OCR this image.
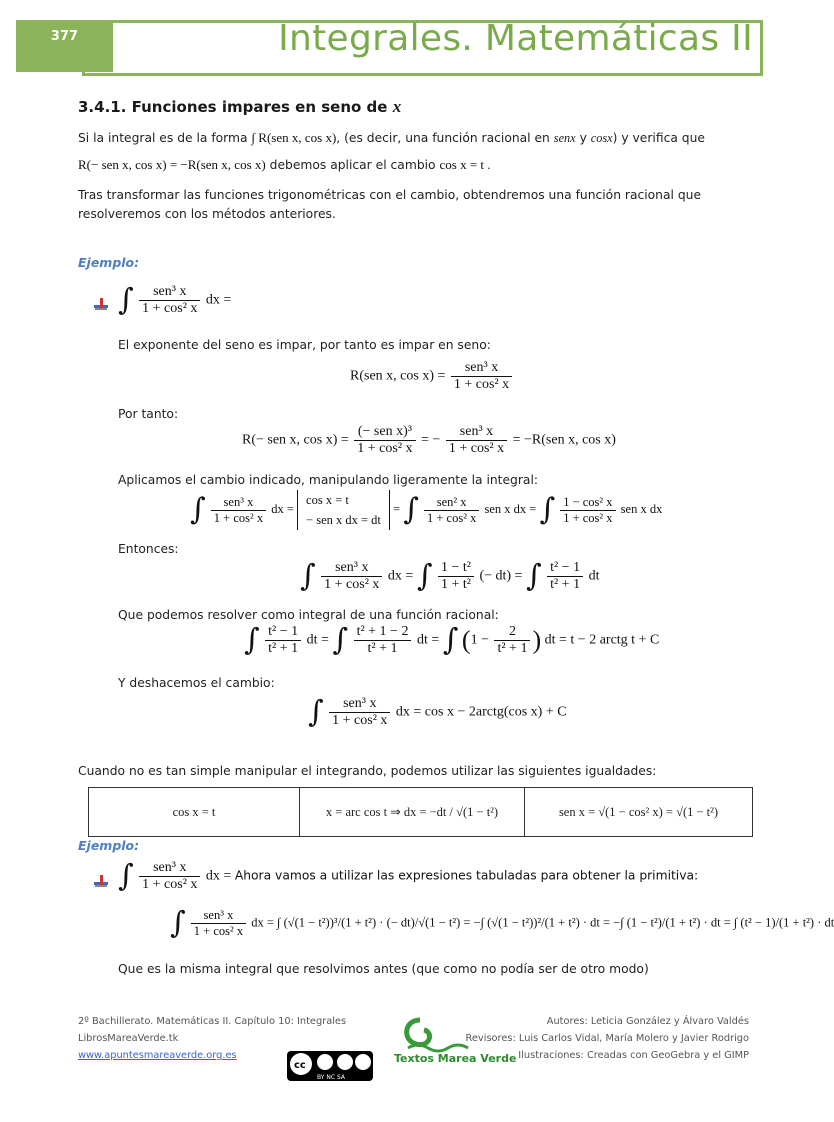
377	Integrales. Matemáticas II
3.4.1. Funciones impares en seno de x
Si la integral es de la forma ∫ R(sen x, cos x), (es decir, una función racional en senx y cosx) y verifica que
R(− sen x, cos x) = −R(sen x, cos x) debemos aplicar el cambio cos x = t .
Tras transformar las funciones trigonométricas con el cambio, obtendremos una función racional que resolveremos con los métodos anteriores.
Ejemplo:
∫ $\frac{\text{sen³ x}}{\text{1 + cos² x}}$ dx =
El exponente del seno es impar, por tanto es impar en seno:
R(sen x, $\cos x) = \frac{\text{sen³ x}}{\text{1 + cos² x}}$
Por tanto:
R(− sen x, $\cos x) = \frac{\text{(− sen x)³}}{\text{1 + cos² x}}$ = − $\frac{\text{sen³ x}}{\text{1 + cos² x}} = -R(sen$ x, cos x)
Aplicamos el cambio indicado, manipulando ligeramente la integral:
∫ $\frac{\text{sen³ x}}{\text{1 + cos² x}}$ dx =
cos x = t
− sen x dx = dt
= ∫ $\frac{\text{sen² x}}{\text{1 + cos² x}}$ sen x dx = ∫ $\frac{\text{1 − cos² x}}{\text{1 + cos² x}}$ sen x dx
Entonces:
∫ $\frac{\text{sen³ x}}{\text{1 + cos² x}}$ dx = ∫ $\frac{\text{1 − t²}}{\text{1 + t²}}$ (− dt) = ∫ $\frac{\text{t² − 1}}{\text{t² + 1}}$ dt
Que podemos resolver como integral de una función racional:
∫ $\frac{\text{t² − 1}}{\text{t² + 1}}$ dt = ∫ $\frac{\text{t² + 1 − 2}}{\text{t² + 1}}$ dt = ∫ ($1 - \frac{2}{\text{t² + 1}}$ ) dt = t − 2 arctg t + C
Y deshacemos el cambio:
∫ $\frac{\text{sen³ x}}{\text{1 + cos² x}}$ dx = cos x − 2arctg(cos x) + C
Cuando no es tan simple manipular el integrando, podemos utilizar las siguientes igualdades:
cos x = t	x = arc cos t ⇒ dx = −dt / √(1 − t²)	sen x = √(1 − cos² x) = √(1 − t²)
Ejemplo:
∫ $\frac{\text{sen³ x}}{\text{1 + cos² x}}$ dx = Ahora vamos a utilizar las expresiones tabuladas para obtener la primitiva:
∫ $\frac{\text{sen³ x}}{\text{1 + cos² x}}$ dx = ∫ (√(1 − t²))³/(1 + t²) · (− dt)/√(1 − t²) = −∫ (√(1 − t²))²/(1 + t²) · dt = −∫ (1 − t²)/(1 + t²) · dt = ∫ (t² − 1)/(1 + t²) · dt
Que es la misma integral que resolvimos antes (que como no podía ser de otro modo)
2º Bachillerato. Matemáticas II. Capítulo 10: Integrales
LibrosMareaVerde.tk
www.apuntesmareaverde.org.es
Autores: Leticia González y Álvaro Valdés
Revisores: Luis Carlos Vidal, María Molero y Javier Rodrigo
Ilustraciones: Creadas con GeoGebra y el GIMP
Textos Marea Verde
cc
BY NC SA
